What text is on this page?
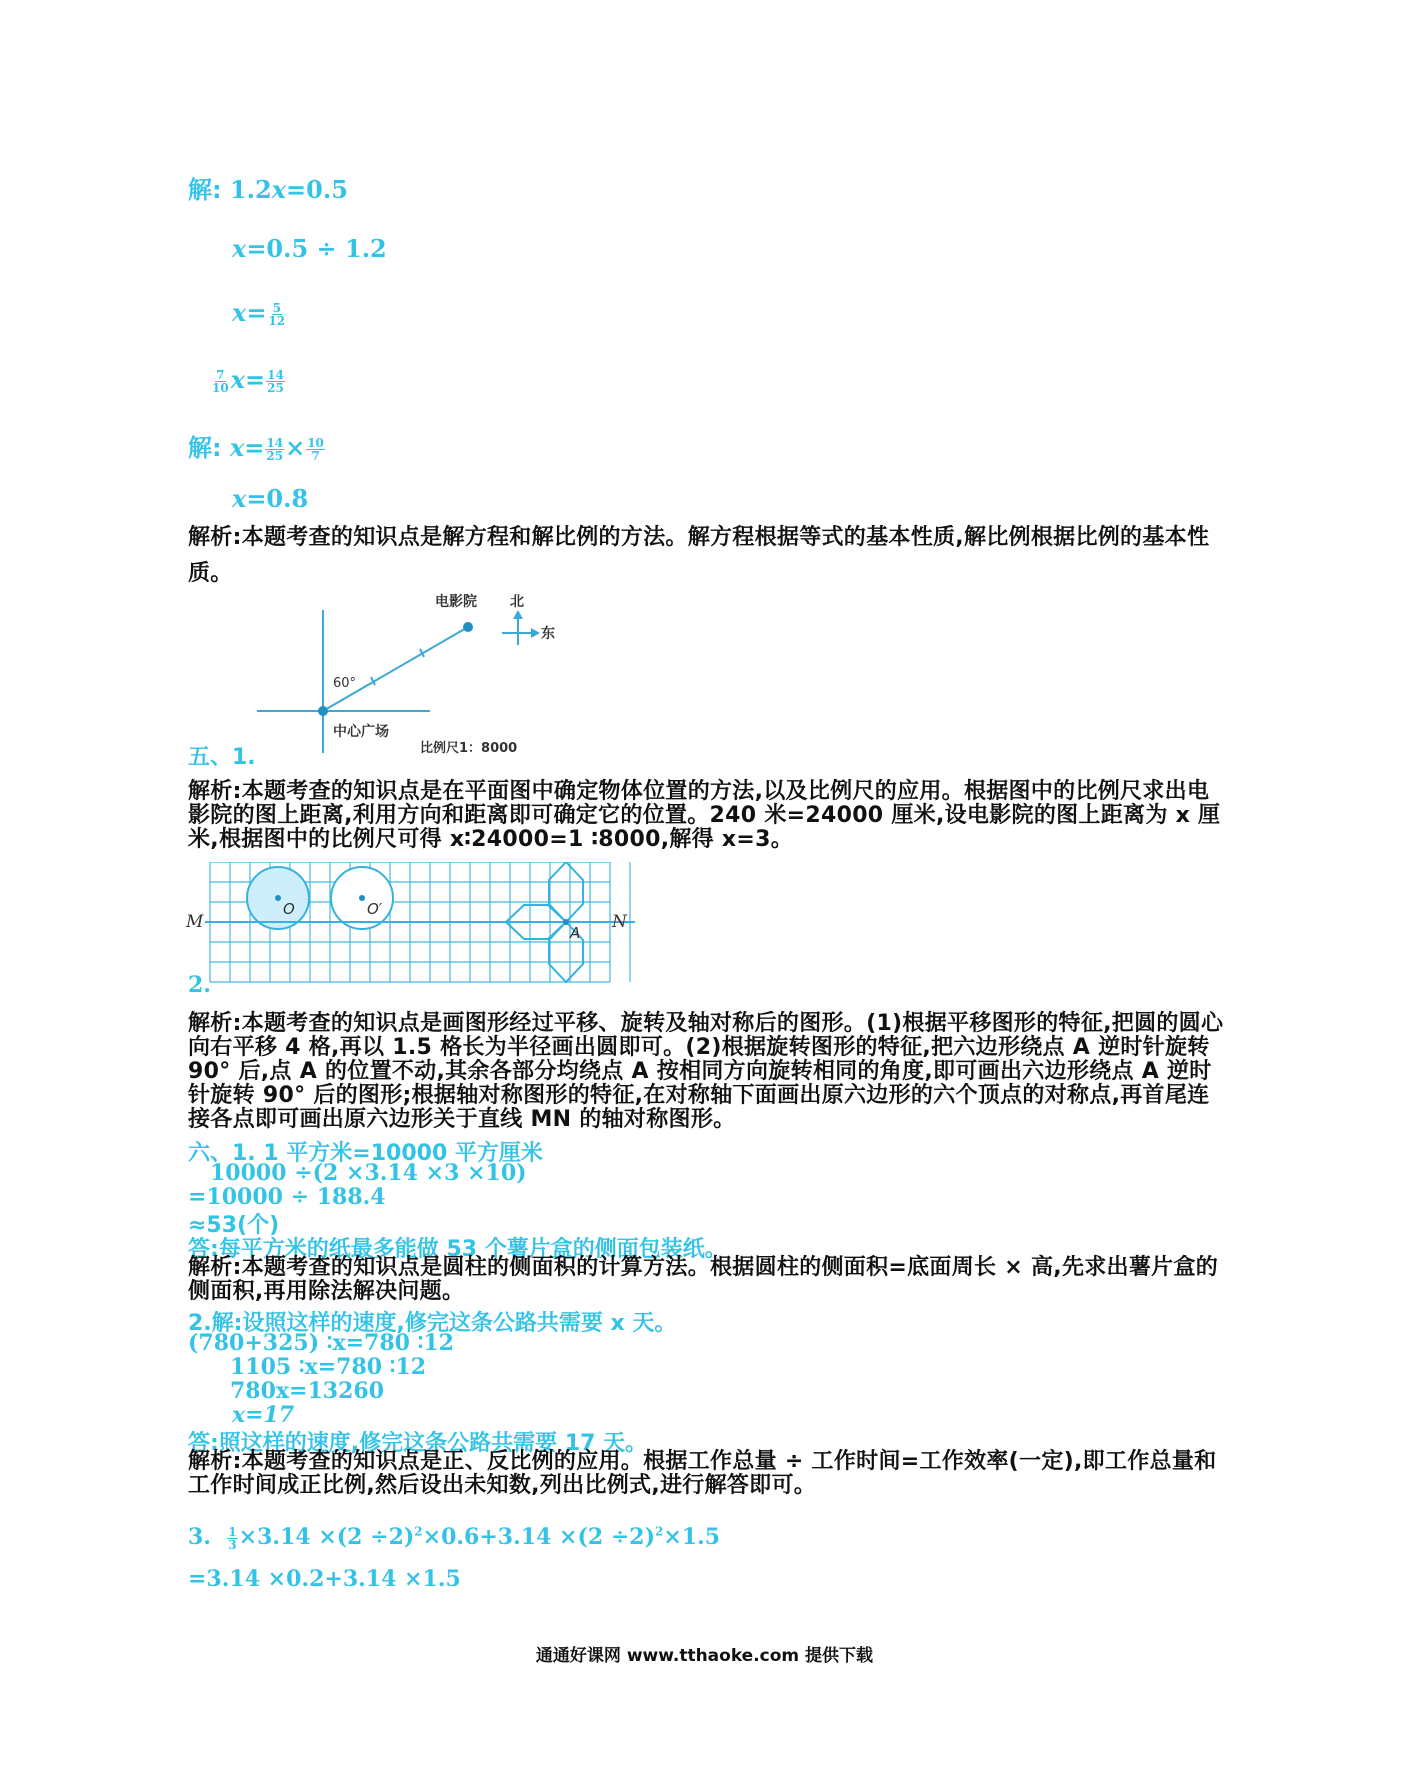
解: 1.2x=0.5
x=0.5 ÷ 1.2
$x= \frac{5}{12}$
$\frac{7}{10} x= \frac{14}{25}$
解: $x= \frac{14}{25} \times \frac{10}{7}$
x=0.8
解析:本题考查的知识点是解方程和解比例的方法。解方程根据等式的基本性质,解比例根据比例的基本性质。
五、1.
60°
电影院 北
东
中心广场
比例尺1：8000
解析:本题考查的知识点是在平面图中确定物体位置的方法,以及比例尺的应用。根据图中的比例尺求出电影院的图上距离,利用方向和距离即可确定它的位置。240 米=24000 厘米,设电影院的图上距离为 x 厘米,根据图中的比例尺可得 x∶24000=1 ∶8000,解得 x=3。
O	O′
A
M	N
2.
解析:本题考查的知识点是画图形经过平移、旋转及轴对称后的图形。(1)根据平移图形的特征,把圆的圆心向右平移 4 格,再以 1.5 格长为半径画出圆即可。(2)根据旋转图形的特征,把六边形绕点 A 逆时针旋转 90° 后,点 A 的位置不动,其余各部分均绕点 A 按相同方向旋转相同的角度,即可画出六边形绕点 A 逆时针旋转 90° 后的图形;根据轴对称图形的特征,在对称轴下面画出原六边形的六个顶点的对称点,再首尾连接各点即可画出原六边形关于直线 MN 的轴对称图形。
六、1. 1 平方米=10000 平方厘米
10000 ÷(2 ×3.14 ×3 ×10)
=10000 ÷ 188.4
≈53(个)
答:每平方米的纸最多能做 53 个薯片盒的侧面包装纸。
解析:本题考查的知识点是圆柱的侧面积的计算方法。根据圆柱的侧面积=底面周长 × 高,先求出薯片盒的侧面积,再用除法解决问题。
2.解:设照这样的速度,修完这条公路共需要 x 天。
(780+325) ∶x=780 ∶12
1105 ∶x=780 ∶12
780x=13260
x=17
答:照这样的速度,修完这条公路共需要 17 天。
解析:本题考查的知识点是正、反比例的应用。根据工作总量 ÷ 工作时间=工作效率(一定),即工作总量和工作时间成正比例,然后设出未知数,列出比例式,进行解答即可。
3. $\frac{1}{3} \times 3.14 \times(2 \div 2)^2\times 0.6+3.14 \times(2 \div 2)^2\times 1.5$
=3.14 ×0.2+3.14 ×1.5
通通好课网 www.tthaoke.com 提供下载
